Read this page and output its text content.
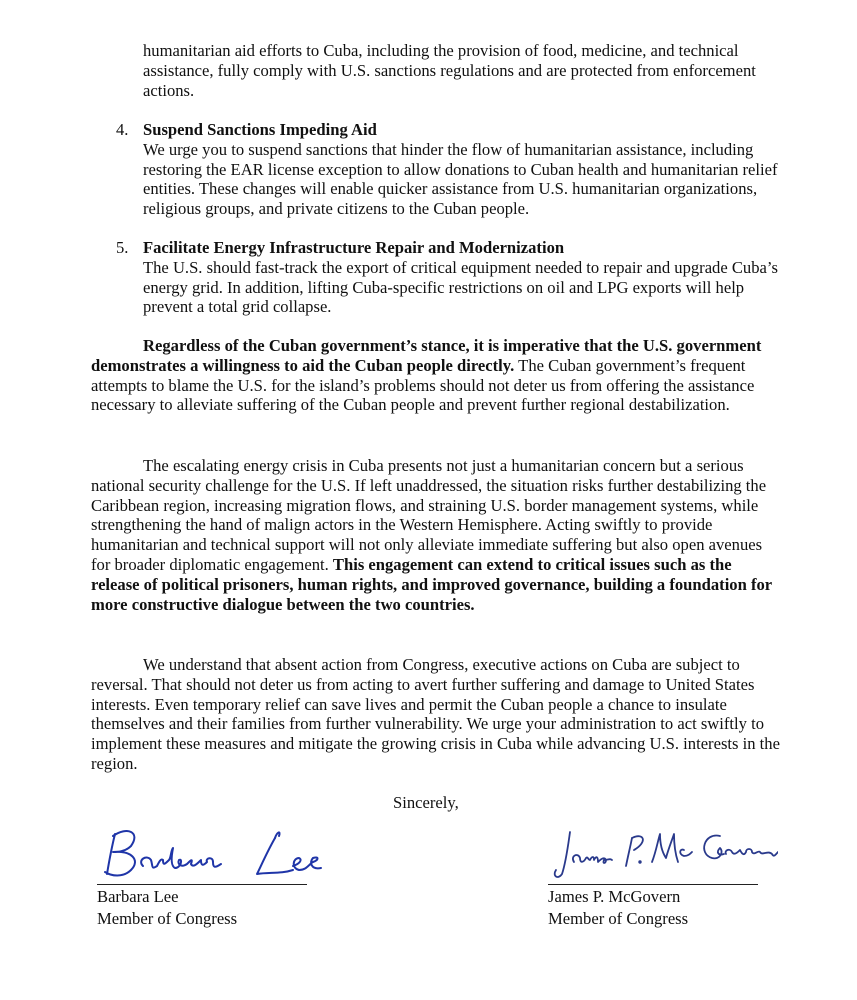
humanitarian aid efforts to Cuba, including the provision of food, medicine, and technical assistance, fully comply with U.S. sanctions regulations and are protected from enforcement actions.

4. Suspend Sanctions Impeding Aid

We urge you to suspend sanctions that hinder the flow of humanitarian assistance, including restoring the EAR license exception to allow donations to Cuban health and humanitarian relief entities. These changes will enable quicker assistance from U.S. humanitarian organizations, religious groups, and private citizens to the Cuban people.

5. Facilitate Energy Infrastructure Repair and Modernization

The U.S. should fast-track the export of critical equipment needed to repair and upgrade Cuba’s energy grid. In addition, lifting Cuba-specific restrictions on oil and LPG exports will help prevent a total grid collapse.

Regardless of the Cuban government’s stance, it is imperative that the U.S. government demonstrates a willingness to aid the Cuban people directly. The Cuban government’s frequent attempts to blame the U.S. for the island’s problems should not deter us from offering the assistance necessary to alleviate suffering of the Cuban people and prevent further regional destabilization.

The escalating energy crisis in Cuba presents not just a humanitarian concern but a serious national security challenge for the U.S. If left unaddressed, the situation risks further destabilizing the Caribbean region, increasing migration flows, and straining U.S. border management systems, while strengthening the hand of malign actors in the Western Hemisphere. Acting swiftly to provide humanitarian and technical support will not only alleviate immediate suffering but also open avenues for broader diplomatic engagement. This engagement can extend to critical issues such as the release of political prisoners, human rights, and improved governance, building a foundation for more constructive dialogue between the two countries.

We understand that absent action from Congress, executive actions on Cuba are subject to reversal. That should not deter us from acting to avert further suffering and damage to United States interests. Even temporary relief can save lives and permit the Cuban people a chance to insulate themselves and their families from further vulnerability. We urge your administration to act swiftly to implement these measures and mitigate the growing crisis in Cuba while advancing U.S. interests in the region.

Sincerely,
Barbara Lee
Member of Congress
James P. McGovern
Member of Congress
